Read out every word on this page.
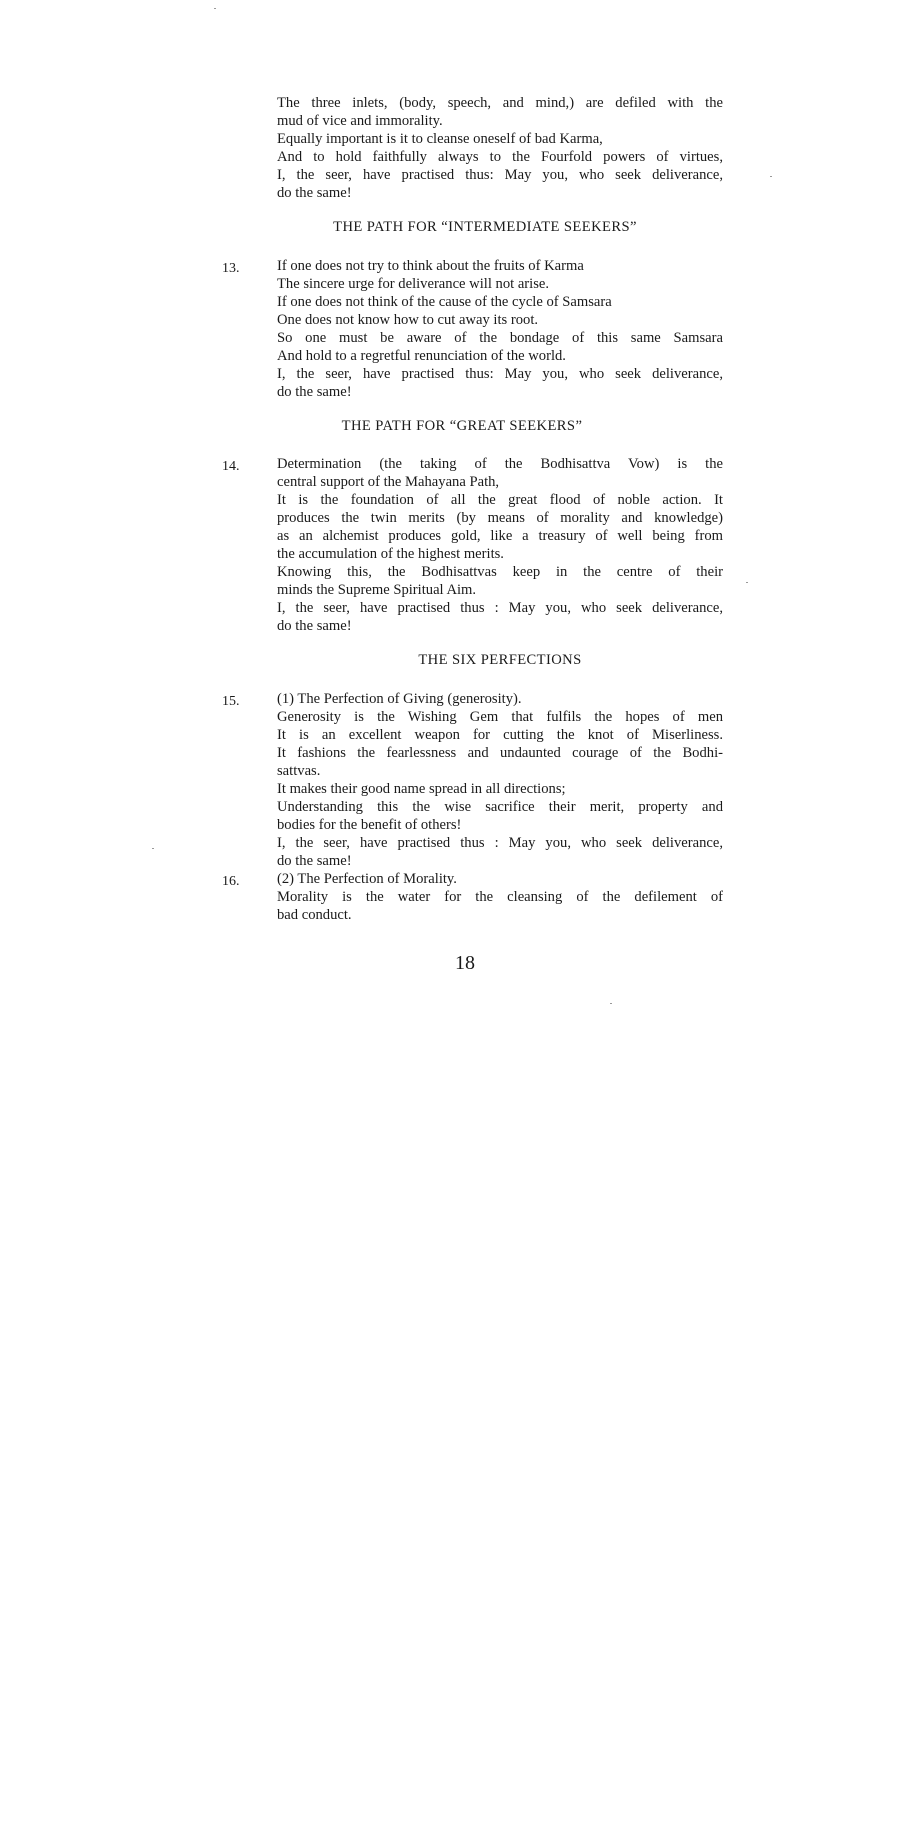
The three inlets, (body, speech, and mind,) are defiled with the
mud of vice and immorality.
Equally important is it to cleanse oneself of bad Karma,
And to hold faithfully always to the Fourfold powers of virtues,
I, the seer, have practised thus: May you, who seek deliverance,
do the same!
THE PATH FOR “INTERMEDIATE SEEKERS”
13.	If one does not try to think about the fruits of Karma
The sincere urge for deliverance will not arise.
If one does not think of the cause of the cycle of Samsara
One does not know how to cut away its root.
So one must be aware of the bondage of this same Samsara
And hold to a regretful renunciation of the world.
I, the seer, have practised thus: May you, who seek deliverance,
do the same!
THE PATH FOR “GREAT SEEKERS”
14.	Determination (the taking of the Bodhisattva Vow) is the
central support of the Mahayana Path,
It is the foundation of all the great flood of noble action. It
produces the twin merits (by means of morality and knowledge)
as an alchemist produces gold, like a treasury of well being from
the accumulation of the highest merits.
Knowing this, the Bodhisattvas keep in the centre of their
minds the Supreme Spiritual Aim.
I, the seer, have practised thus : May you, who seek deliverance,
do the same!
THE SIX PERFECTIONS
15.	(1) The Perfection of Giving (generosity).
Generosity is the Wishing Gem that fulfils the hopes of men
It is an excellent weapon for cutting the knot of Miserliness.
It fashions the fearlessness and undaunted courage of the Bodhi-
sattvas.
It makes their good name spread in all directions;
Understanding this the wise sacrifice their merit, property and
bodies for the benefit of others!
I, the seer, have practised thus : May you, who seek deliverance,
do the same!
16.	(2) The Perfection of Morality.
Morality is the water for the cleansing of the defilement of
bad conduct.
18
